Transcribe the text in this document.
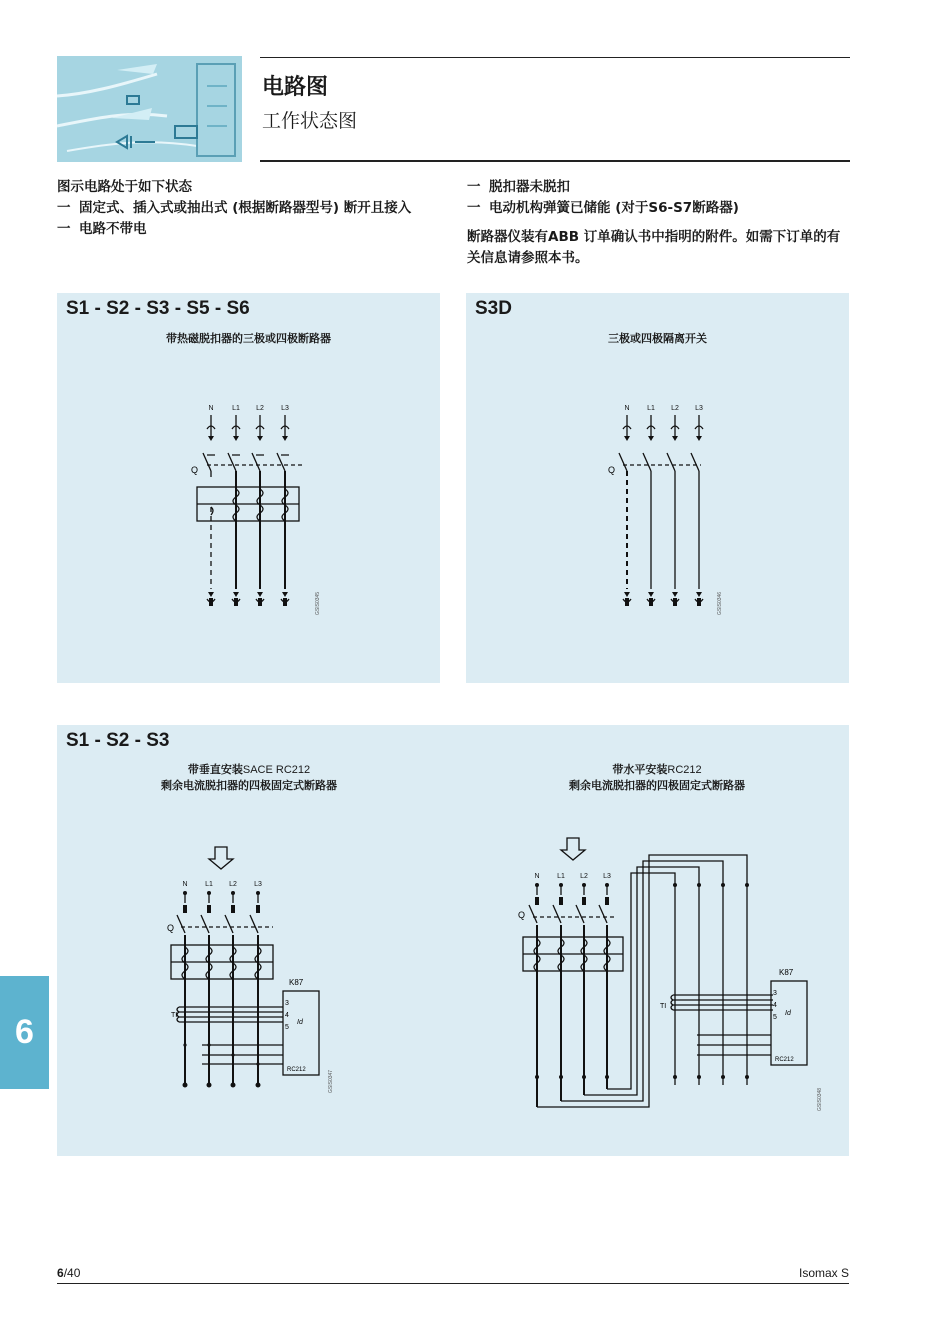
电路图
工作状态图
图示电路处于如下状态
一 固定式、插入式或抽出式 (根据断路器型号) 断开且接入
一 电路不带电
一 脱扣器未脱扣
一 电动机构弹簧已储能 (对于S6-S7断路器)
断路器仪装有ABB 订单确认书中指明的附件。如需下订单的有关信息请参照本书。
S1 - S2 - S3 - S5 - S6
带热磁脱扣器的三极或四极断路器
N	L1 L2 L3
Q
GSIS0345
S3D
三极或四极隔离开关
N	L1 L2 L3
Q
GSIS0346
S1 - S2 - S3
带垂直安装SACE RC212
剩余电流脱扣器的四极固定式断路器
带水平安装RC212
剩余电流脱扣器的四极固定式断路器
N	L1 L2 L3
Q
TI
K87
3
4
5
Id
RC212	GSIS0347
N	L1 L2 L3
Q
TI
K87
3
4
5
Id
RC212
GSIS0348
6
6/40	Isomax S
